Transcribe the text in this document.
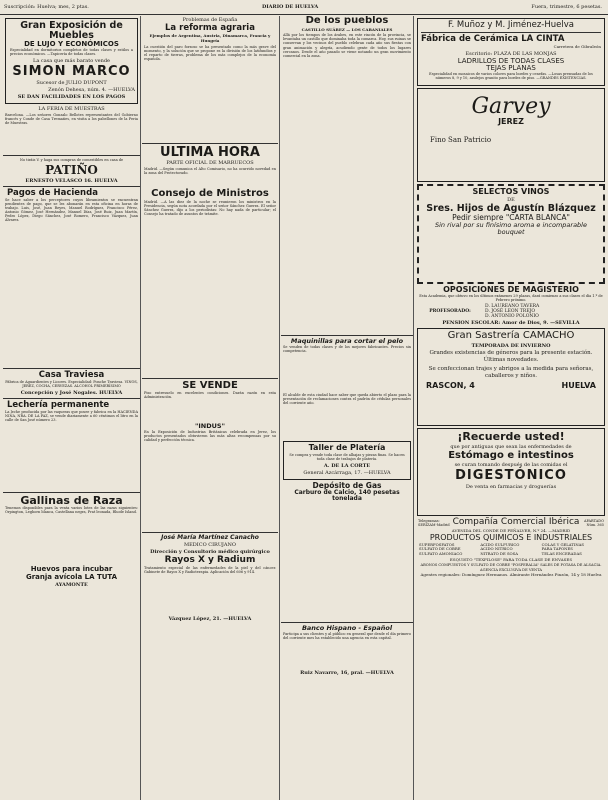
Suscripción: Huelva; mes, 2 ptas.	DIARIO DE HUELVA	Fuera, trimestre, 6 pesetas.

Gran Exposición de Muebles

DE LUJO Y ECONÓMICOS

Especialidad en dormitorios completos de todas clases y estilos a precios económicos. —Tapicería de todas clases.

La casa que más barato vende

SIMON MARCO

Sucesor de JULIO DUPONT

Zenón Dehesa, núm. 4. —HUELVA

SE DAN FACILIDADES EN LOS PAGOS

LA FERIA DE MUESTRAS

Barcelona. —Los señores Gonzalo Bellotes representantes del Gobierno francés y Conde de Casa Tremañes, en visita a los pabellones de la Feria de Muestras.

No tiráis V. y haga sus compras de comestibles en casa de

PATIÑO

ERNESTO VELASCO 16. HUELVA

Pagos de Hacienda

Se hace saber a los perceptores cuyos libramientos se encuentran pendientes de pago, que se les abonarán en esta oficina en horas de trabajo. Luis, José, Juan Reyes, Manuel Rodríguez, Francisco Pérez, Antonio Gómez, José Hernández, Manuel Díaz, José Ruiz, Juan Martín, Pedro López, Diego Sánchez, José Romero, Francisco Vázquez, Juan Álvarez.

Casa Traviesa

Fábrica de Aguardientes y Licores. Especialidad: Ponche Traviesa. VINOS, JEREZ, COCHA, CERVEZAS. ALCOHOL PRIMERÍSIMO

Concepción y José Nogales. HUELVA

Lechería permanente

La leche producida por las vaqueras que posee y fabrica en la HACIENDA NIÑA, NRA. DE LA PAZ, se vende diariamente a 60 céntimos el litro en la calle de San José número 23.

Gallinas de Raza

Tenemos disponibles para la venta varios lotes de las razas siguientes: Orpington, Leghorn blanca, Castellana negra, Prat leonada, Rhode Island.

Huevos para incubar

Granja avícola LA TUTA

AYAMONTE

Problemas de España

La reforma agraria

Ejemplos de Argentina, Austria, Dinamarca, Francia y Hungría

La cuestión del paro forzoso se ha presentado como la más grave del momento, y la solución que se propone es la división de los latifundios y el reparto de tierras, problema de los más complejos de la economía española.

ULTIMA HORA

PARTE OFICIAL DE MARRUECOS

Madrid. —Según comunica el Alto Comisario, no ha ocurrido novedad en la zona del Protectorado.

Consejo de Ministros

Madrid. —A las diez de la noche se reunieron los ministros en la Presidencia, según nota acordada por el señor Sánchez Guerra. El señor Sánchez Guerra, dijo a los periodistas: No hay nada de particular; el Consejo ha tratado de asuntos de trámite.

SE VENDE

Piso entresuelo en excelentes condiciones. Darán razón en esta Administración.

"INDUS"

En la Exposición de Industrias Británicas celebrada en Jerez, los productos presentados obtuvieron las más altas recompensas por su calidad y perfección técnica.

José María Martínez Canacho

MEDICO CIRUJANO

Dirección y Consultorio médico quirúrgico

Rayos X y Radium

Tratamiento especial de las enfermedades de la piel y del cáncer. Gabinete de Rayos X y Radioterapia. Aplicación del 606 y 914.

Vázquez López, 21. —HUELVA

De los pueblos

CASTILLO SUÁREZ — LOS CABANIALES

Allá por los tiempos de los árabes, en este rincón de la provincia, se levantaba un castillo que dominaba toda la comarca. Hoy, sus ruinas se conservan y los vecinos del pueblo celebran cada año sus fiestas con gran animación y alegría, acudiendo gente de todos los lugares cercanos. Desde el año pasado se viene notando un gran movimiento comercial en la zona.

Maquinillas para cortar el pelo

Se venden de todas clases y de los mejores fabricantes. Precios sin competencia.

El alcalde de esta ciudad hace saber que queda abierto el plazo para la presentación de reclamaciones contra el padrón de cédulas personales del corriente año.

Taller de Platería

Se compra y vende toda clase de alhajas y piezas finas. Se hacen toda clase de trabajos de platería.

A. DE LA CORTE

General Azcárraga, 17. —HUELVA

Depósito de Gas

Carburo de Calcio, 140 pesetas tonelada

Banco Hispano - Español

Participa a sus clientes y al público en general que desde el día primero del corriente mes ha establecido una agencia en esta capital.

Ruiz Navarro, 16, pral. —HUELVA

F. Muñoz y M. Jiménez-Huelva

Fábrica de Cerámica LA CINTA

Carretera de Gibraleón

Escritorio: PLAZA DE LAS MONJAS

LADRILLOS DE TODAS CLASES

TEJAS PLANAS

Especialidad en mosaicos de varios colores para bordes y cenefas. —Losas prensadas de los números 8, 9 y 10, azulejos granito para bordes de piso. —GRANDES EXISTENCIAS.

Garvey

JEREZ

Fino San Patricio

SELECTOS VINOS

DE

Sres. Hijos de Agustín Blázquez

Pedir siempre "CARTA BLANCA"

Sin rival por su finísimo aroma e incomparable bouquet

OPOSICIONES DE MAGISTERIO

Esta Academia, que obtuvo en los últimos exámenes 29 plazas, dará comienzo a sus clases el día 1.º de Febrero próximo.

PROFESORADO:
D. LAUREANO TAVERA
D. JOSÉ LEON TREJO
D. ANTONIO POLONIO

PENSION ESCOLAR: Amor de Dios, 9. —SEVILLA

Gran Sastrería CAMACHO

TEMPORADA DE INVIERNO

Grandes existencias de géneros para la presente estación. Últimas novedades.

Se confeccionan trajes y abrigos a la medida para señoras, caballeros y niños.

RASCON, 4	HUELVA

¡Recuerde usted!

que por antiguas que sean las enfermedades de

Estómago e intestinos

se curan tomando después de las comidas el

DIGESTÓNICO

De venta en farmacias y droguerías

Telegramas: SERIZAM-Madrid Compañía Comercial Ibérica	APARTADO Núm. 365

AVENIDA DEL CONDE DE PEÑALVER, N.º 24. —MADRID

PRODUCTOS QUIMICOS E INDUSTRIALES

SUPERFOSFATOS	ACIDO SULFURICO	COLAS Y GELATINAS
SULFATO DE COBRE	ACIDO NITRICO	PARA TAPONES
SULFATO AMONIACO	NITRATO DE SOSA	TELAS ENCERADAS

ESQUISTO "TEXFILOSE" PARA TODA CLASE DE ENVASES

ABONOS COMPUESTOS Y SULFATO DE COBRE "FOSPERALIA" SALES DE POTASA DE ALSACIA. AGENCIA EXCLUSIVA DE VENTA

Agentes regionales: Domínguez Hermanos. Almirante Hernández Pinzón, 14 y 18 Huelva
